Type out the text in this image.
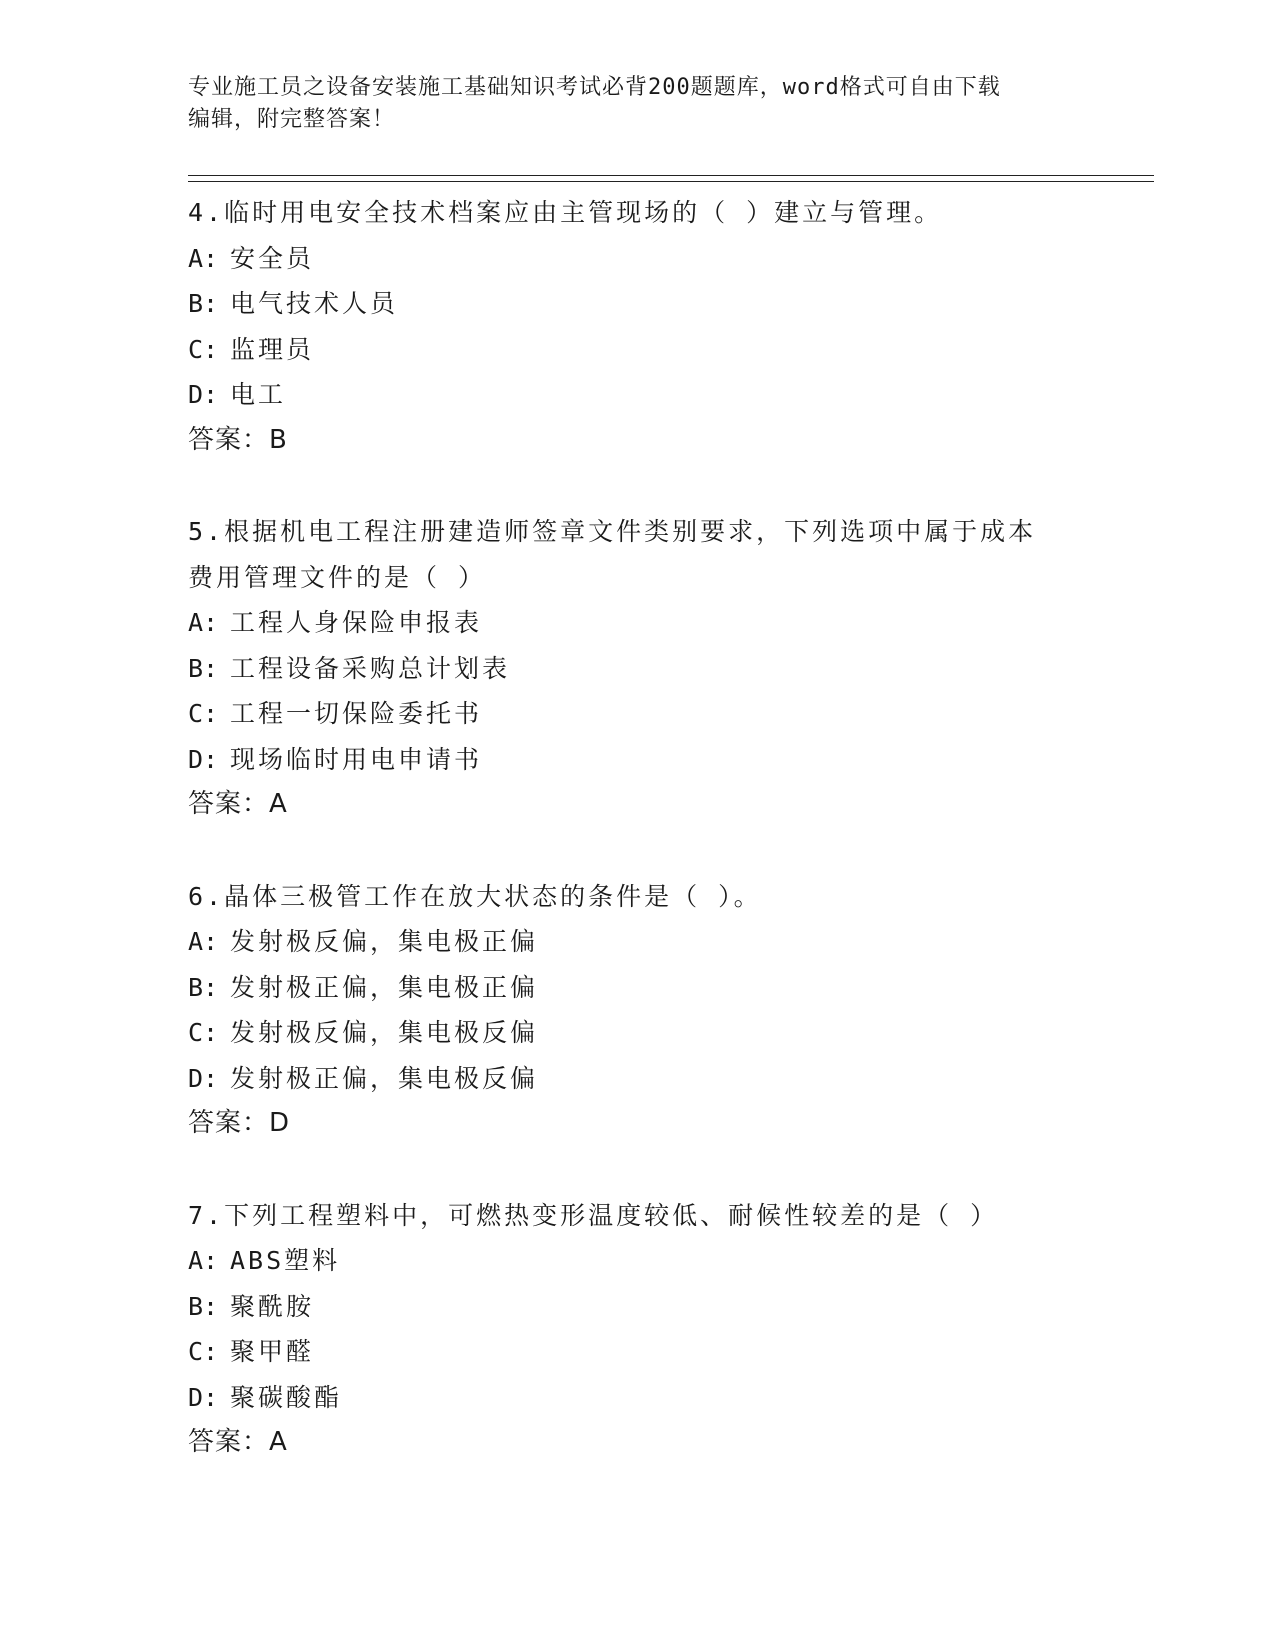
专业施工员之设备安装施工基础知识考试必背200题题库，word格式可自由下载
编辑，附完整答案！
4.临时用电安全技术档案应由主管现场的（ ）建立与管理。
A: 安全员
B: 电气技术人员
C: 监理员
D: 电工
答案：B
5.根据机电工程注册建造师签章文件类别要求，下列选项中属于成本
费用管理文件的是（ ）
A: 工程人身保险申报表
B: 工程设备采购总计划表
C: 工程一切保险委托书
D: 现场临时用电申请书
答案：A
6.晶体三极管工作在放大状态的条件是（ ）。
A: 发射极反偏，集电极正偏
B: 发射极正偏，集电极正偏
C: 发射极反偏，集电极反偏
D: 发射极正偏，集电极反偏
答案：D
7.下列工程塑料中，可燃热变形温度较低、耐候性较差的是（ ）
A: ABS塑料
B: 聚酰胺
C: 聚甲醛
D: 聚碳酸酯
答案：A
